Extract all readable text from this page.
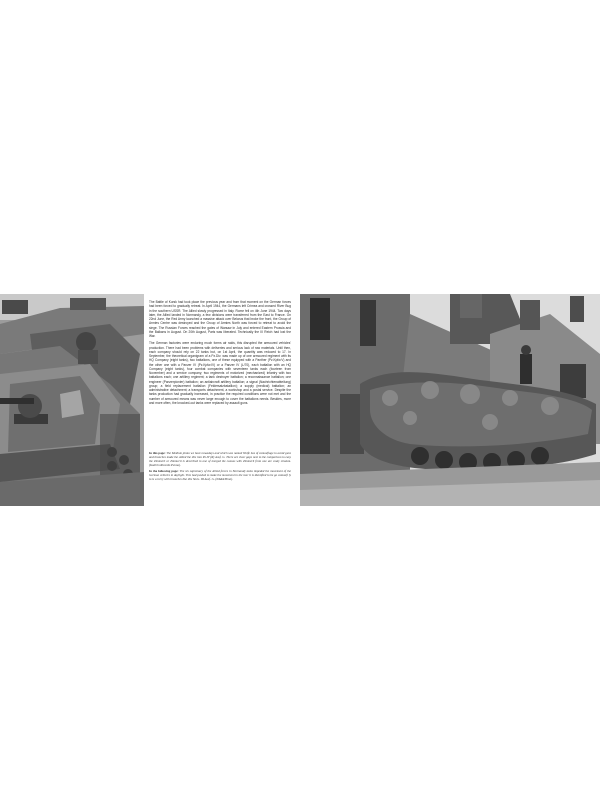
The Battle of Kursk had took place the previous year and from that moment on the German forces had been forced to gradually retreat. In April 1944, the Germans left Crimea and crossed River Bug in the southern USSR. The Allied slowly progressed in Italy. Rome fell on 4th June 1944. Two days later, the Allied landed in Normandy, a few divisions were transferred from the East to France. On 22nd June, the Red Army launched a massive attack over Belarus that broke the front, the Group of Armies Centre was destroyed and the Group of Armies North was forced to retreat to avoid the siege. The Russian Forces reached the gates of Warsaw in July and entered Eastern Prussia and the Balkans in August. On 20th August, Paris was liberated. Technically the III Reich had lost the War.

The German factories were enduring much forms air raids, this disrupted the armoured vehicles' production. There had been problems with deliveries and serious lack of raw materials. Until then, each company should rely on 22 tanks but, on 1st April, the quantity was reduced to 17. In September, the theoretical organigram of a Pz.Div. was made up of one armoured regiment with its HQ Company (eight tanks), two battalions, one of these equipped with a Panther (Pz.Kpfw.V) and the other one with a Panzer IV (Pz.Kpfw.IV) or a Panzer IV (L/70), each battalion with an HQ Company (eight tanks), four combat companies with seventeen tanks each (fourteen from November) and a service company; two regiments of motorized (mechanized) infantry with two battalions each; one artillery regiment; a tank destroyer battalion; a reconnaissance battalion; one engineer (Panzerpionier) battalion; an antiaircraft artillery battalion; a signal (Nachrichtenabteilung) group; a field replacement battalion (Feldersatzbataillon); a supply (medical) battalion; an administrative detachment; a transports detachment, a workshop and a postal service. Despite the tanks production had gradually increased, in practice the required conditions were not met and the number of armoured means was never large enough to cover the battalions needs. Besides, more and more often, the knocked-out tanks were replaced by assault guns.

In this page: The Medium photo we have nowadays and which was named Wolfe has of camouflage to avoid guns and branches made the Allied the this into Pz.IV (R) Ausf. G. There are clear gaps next to the comparison to easy the Zimmerit or Zimmerit is described in one of merged the canvas with Zimmerit from one are coaly stratum. (Kathrin Ricardo Penna).
In the following page: The six supremacy of the Allied forces in Normandy tasks impeded the movement of the German vehicles in daylight. This had pushed to make the movement in the rear it is identified to be go camoufl ly to is a lorry with branches like this StuG. III Ausf. G. (NARA/Brun).
